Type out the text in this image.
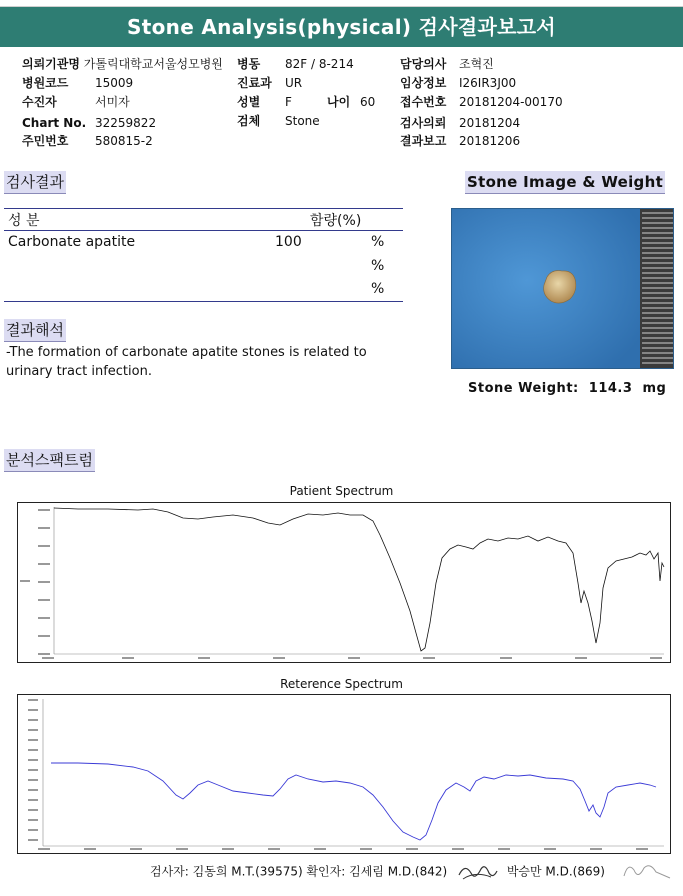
Stone Analysis(physical) 검사결과보고서
의뢰기관명 가톨릭대학교서울성모병원
병원코드 15009
수진자	서미자
Chart No. 32259822
주민번호 580815-2
병동 82F / 8-214
진료과 UR
성별 F	나이 60
검체 Stone
담당의사 조혁진
임상정보 I26IR3J00
접수번호 20181204-00170
검사의뢰 20181204
결과보고 20181206
검사결과	Stone Image & Weight
성 분	함량(%)
Carbonate apatite	100	%
%
%
Stone Weight: 114.3 mg
결과해석
-The formation of carbonate apatite stones is related to urinary tract infection.
분석스팩트럼
Patient Spectrum
Reterence Spectrum
검사자: 김동희 M.T.(39575) 확인자: 김세림 M.D.(842)	박승만 M.D.(869)
